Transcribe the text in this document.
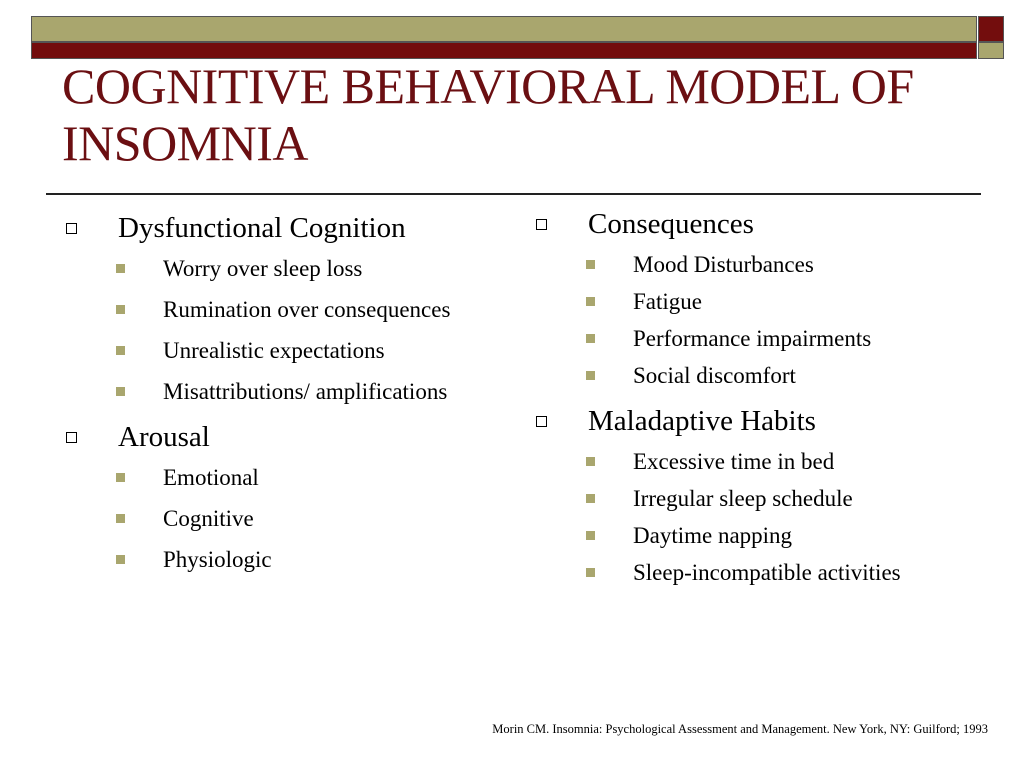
COGNITIVE BEHAVIORAL MODEL OF INSOMNIA
Dysfunctional Cognition
Worry over sleep loss
Rumination over consequences
Unrealistic expectations
Misattributions/ amplifications
Arousal
Emotional
Cognitive
Physiologic
Consequences
Mood Disturbances
Fatigue
Performance impairments
Social discomfort
Maladaptive Habits
Excessive time in bed
Irregular sleep schedule
Daytime napping
Sleep-incompatible activities
Morin CM. Insomnia: Psychological Assessment and Management. New York, NY: Guilford; 1993
